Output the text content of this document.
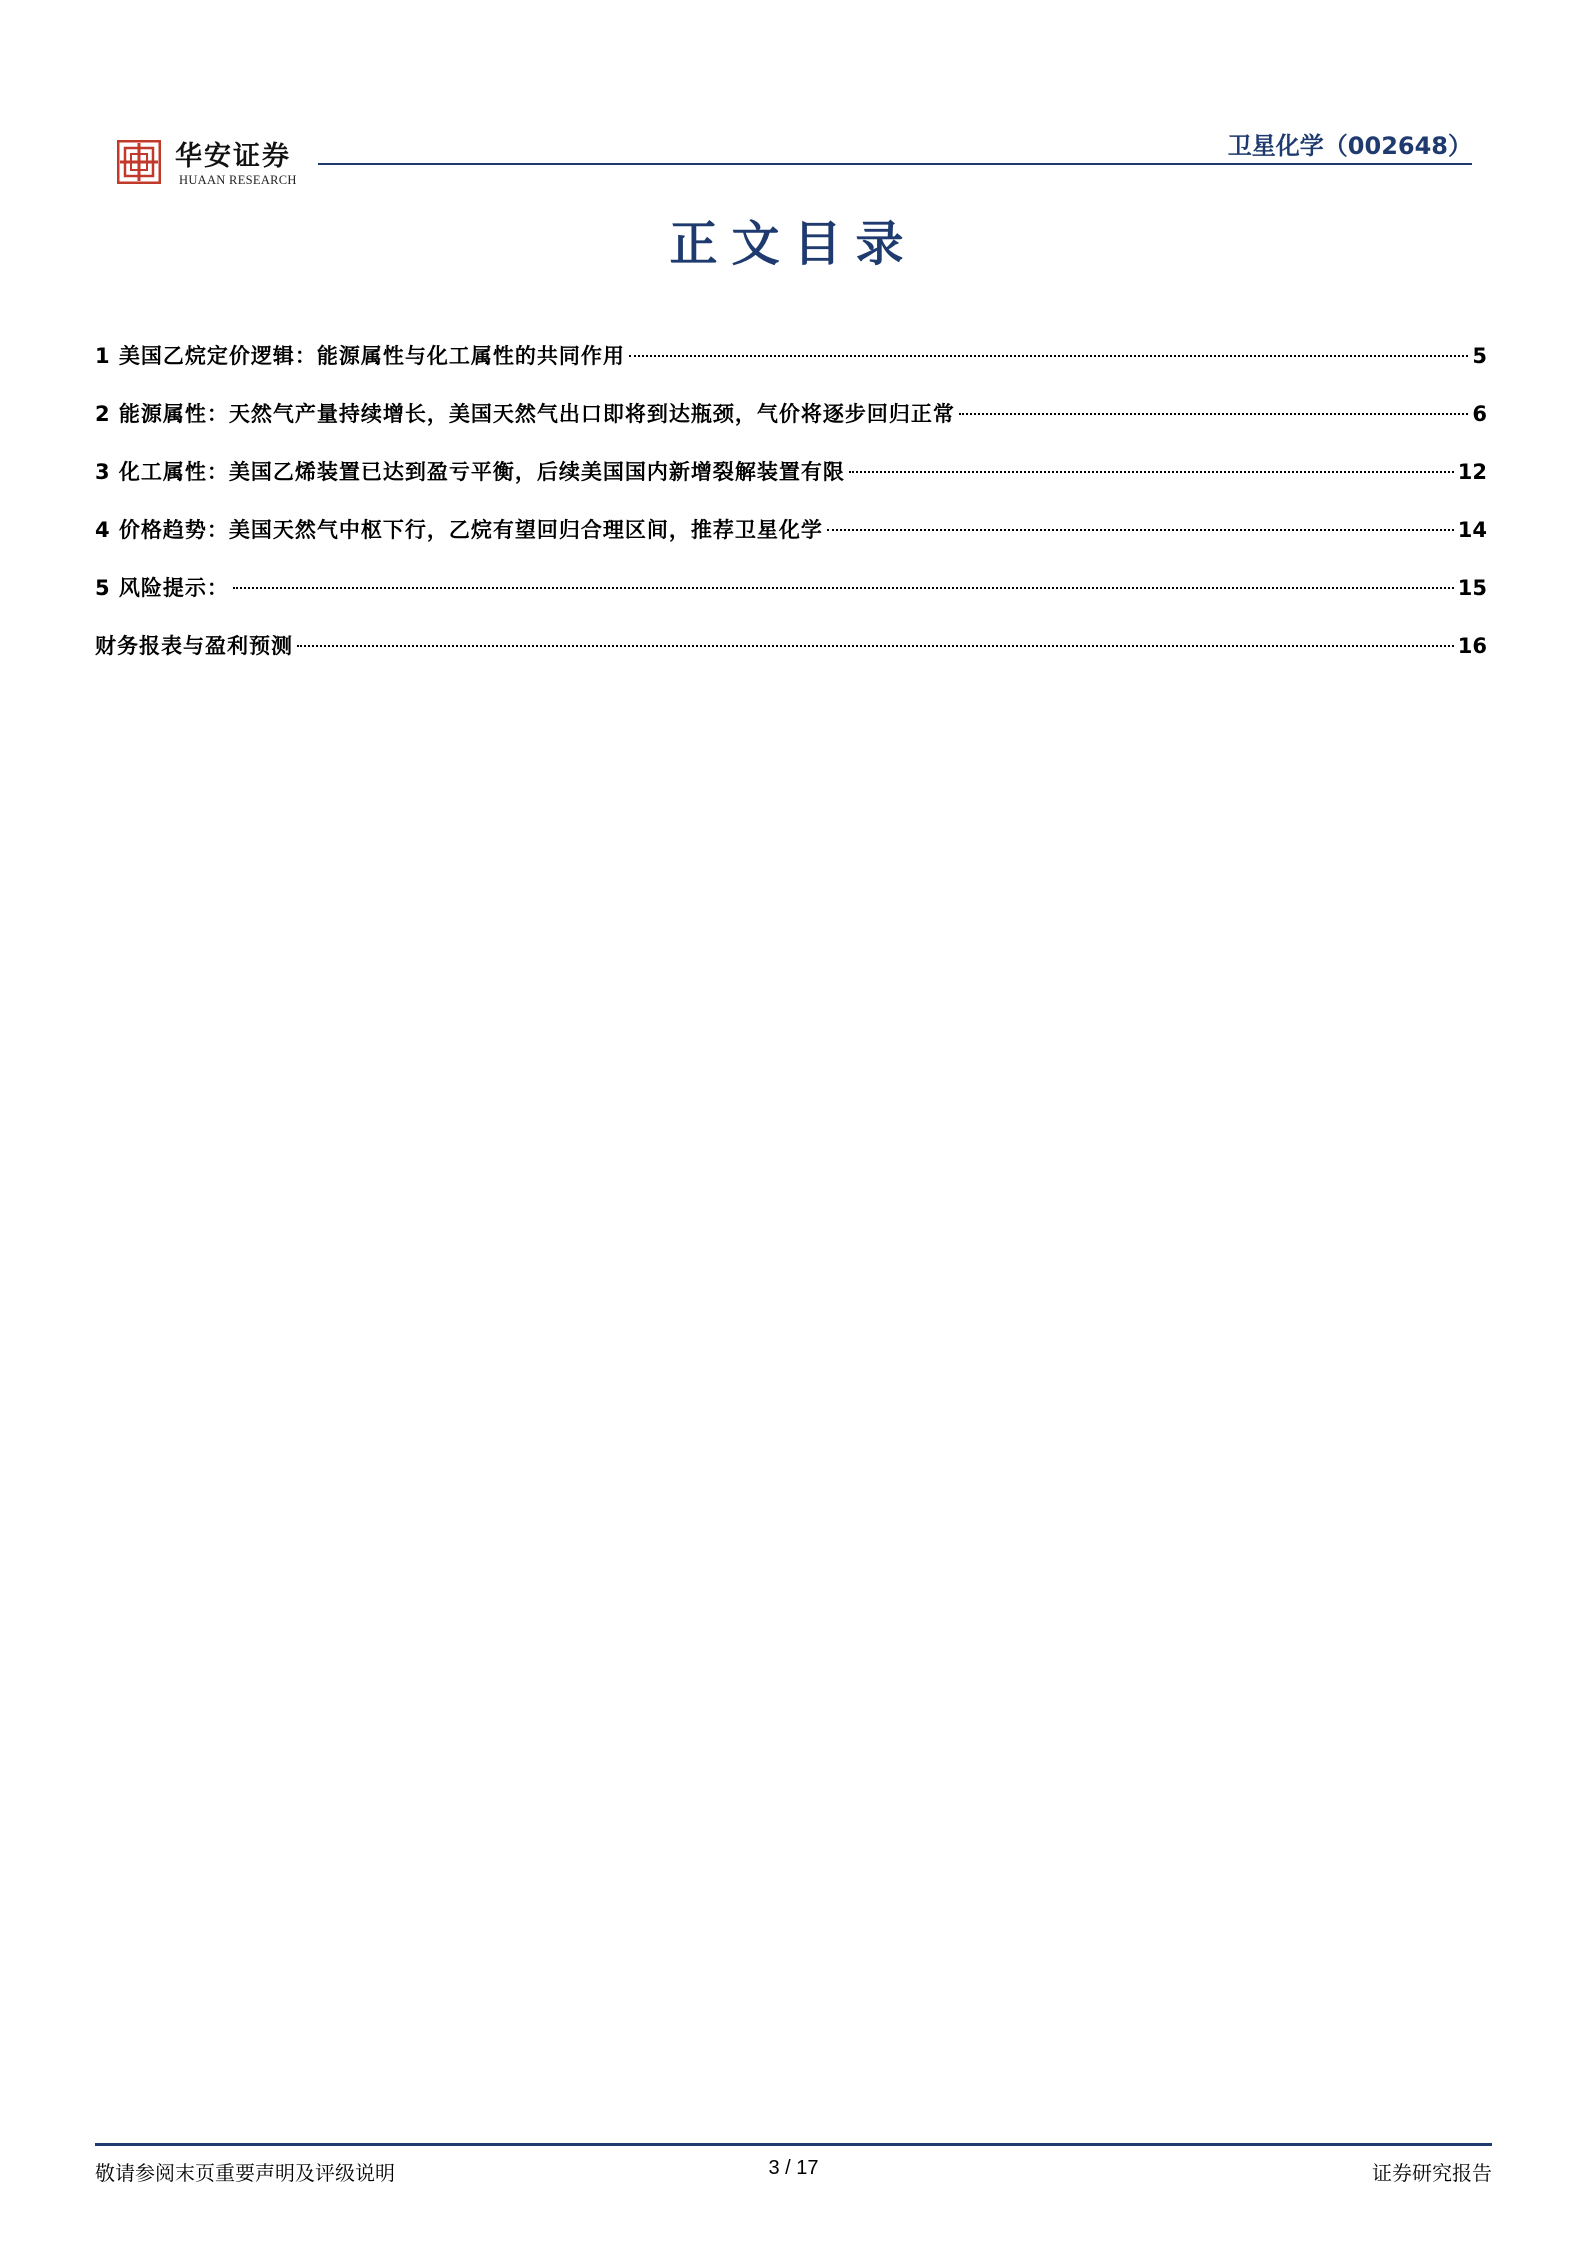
华安证券
HUAAN RESEARCH
卫星化学（002648）
正文目录
1 美国乙烷定价逻辑：能源属性与化工属性的共同作用	5
2 能源属性：天然气产量持续增长，美国天然气出口即将到达瓶颈，气价将逐步回归正常	6
3 化工属性：美国乙烯装置已达到盈亏平衡，后续美国国内新增裂解装置有限	12
4 价格趋势：美国天然气中枢下行，乙烷有望回归合理区间，推荐卫星化学	14
5 风险提示：	15
财务报表与盈利预测	16
敬请参阅末页重要声明及评级说明	3 / 17	证券研究报告
